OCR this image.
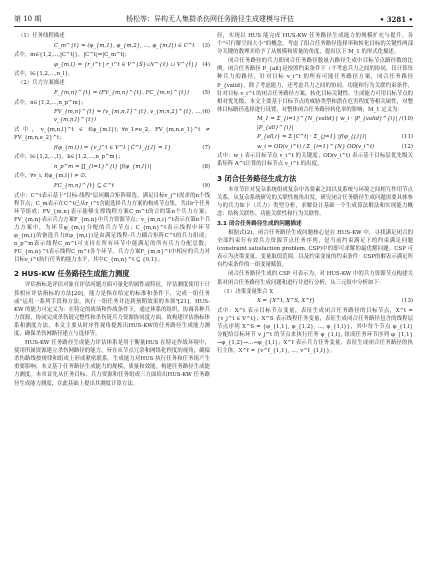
第 10 期	杨松等：异构无人集群杀伤网任务路径生成建模与评估	• 3281 •

（1）任务线程描述

C_m^{t} = (φ_{m,1}, φ_{m,2}, …, φ_{m,l}) ∈ C^t (3)

式中，m∈{1,2,…,|C^t|}，|C^t|=|C_m^t|；

φ_{m,l} = {r_i^t | r_i^t ∈ V^{S̃}∪V^{ε̃} ∪ V^{t̃}} (4)

式中，l∈{1,2,…,n_l}。

（2）兵力方案描述

F_{m,n}^{t} = (FV_{m,n}^{t}, FC_{m,n}^{t}) (5)

式中，n∈{1,2,…,n_p^m}；

FV_{m,n}^{t} = (v_{m,n,1}^{t}, v_{m,n,2}^{t}, …, v_{m,n,l}^{t})
(6)

式中，v_{m,n,l}^t ∈ f(φ_{m,l})；∀e_1≠e_2, FV_{m,n,e_1}^t ≠ FV_{m,n,e_2}^t；

f(φ_{m,l}) = {v_j^t ∈ V^t | Ĉ^t_{j,l} = 1}	(7)

式中，l∈{1,2,…,l}，k∈{1,2,…,n_p^m}；

n_p^m = ∏_{l=1}^{l} |f(φ_{m,l})|	(8)

式中，∀v_i, f(φ_{m,l}) ≠ ∅，

FC_{m,n}^{t} ⊆ C^t	(9)

式中：C^t表示基于"目标-线程"层问耦合矩阵筛选，满足目标v_j^t需求的n个线程节点；C_m表示在C^t已从r_i^t含能选择兵力方案的构成节点集，共由r个任务环节组成；FV_{m,n}表示能够支撑线程方案C_m^t的合的第n个兵力方案；FV_{m,n}表示兵力方案F_{m,n}中兵力资源节点；v_{m,n,i}^t表示在第n个兵力方案中，为环节φ_{m,i}分配的兵力节点；C_{m,n}^t表示线程中环节φ_{m,i}的备选兵力f(φ_{m,i})是由满足线程-兵力耦合矩阵C^t的兵力组成；n_p^m表示线程C_m^t可支持在所有环节中能满足的所有兵力分配总数；FC_{m,n}^t表示线程C_m^t各个环节，兵力方案F_{m,n}^t中相应的兵力对目标v_i^t执行任务的能力水平，其中C_{m,n}^t ⊆ {0,1}。

2 HUS-KW 任务路径生成能力测度

评估指标是评估对象在评估问题方面可量化的属性或特征，评估测度使用于计算相应评估指标的方法[20]。能力是指在给定的标准和条件下，完成一组任务或"运用一系列手段和方法，执行一组任务并达到预期效果的本领"[21]。HUS-KW 的能力可定义为：在特定的战场和作战条件下，通过体系的组织、协调各种兵力资源，协同完成杀伤链完整性和杀伤链兵力资源协同度方面，故构建评估指标体系和测度方法，本文主要从时序性视角提炼出HUS-KW的任务路径生成能力测度，确保杀伤网路径建立与选择等。

HUS-KW 任务路径生成能力评估体系是用于衡量HUS 在特定作战环境中，使用所属资源建立杀伤网路径的能力，旨在从节点冗余和网络化程度的视角，确保杀伤路线按规律和组成上形成紧密联系。生成能力对HUS 执行任务和任务组产生重要影响。本文基于任务路径生成能力的规模、质量和效能，构建任务路径生成能力测度。本章首先从任务目标、兵力资源和任务组成三方面给出HUS-KW 任务路径生成能力测度，在此基础上提出其测度计算方法。

径，实现以 HUS 能完成 HUS-KW 任务路径生成能力的规模扩充与提升。各个"可行解空间大小"的概念，考虑了组合任务路径选择率和转化目标的关键性两部分关键的数理并给予了从规模和质量的角度，提出以下 M_1 的形式化描述。

闭合任务路径的兵力即闭合任务路径数量占路径生成中目标节点路径数的比例。闭合任务路径 P_{all}是按照约束条件下（不考虑兵力之间的协同，仅计算每种兵力的路径，针对目标 v_i^t 的所有可能任务路径方案，闭合任务路径 P_{valid}，除了考虑能力，还考虑兵力之间的协同、功能和行为关联约束条件，针对目标 v_i^t 的闭合任务路径方案，转化目标关键性。生成能力可用目标节点的相对优先级、本文主要基于目标节点的威胁类型和潜在危害程度等相关属性，对整体目标路径选择进行设置，对整体闭合任务路径转化率的影响，M_1 定义为：

M_1 = Σ_{i=1}^{N_{valid}} w_i · |P_{valid}^{i}| / |P_{all}^{i}|
(10)
P_{all,i} = Σ |C^t| · Σ_{j=1} |f(φ_{j,l})|	(11)
w_i = OD(v_i^t) / Σ_{i=1}^{N} OD(v_i^t)	(12)

式中：w_i 表示目标节点 v_i^t 的关键度；OD(v_i^t) 表示基于目标层优先级关系矩阵 A^t计算的目标节点 v_i^t 的出度。

3 闭合任务路径生成方法

本章节针对复杂系统组成复杂中各要素之间以及系统与环境之间相互作用节点关系，从复杂系统研究的关联性视角出发，研究闭合任务路径生成问题需要具体参与的兵力如下（兵力）类型分析，求解设计基础一个生成算法解法和实现能力概念：结构关联性、功能关联性和行为关联性。

3.1 闭合任务路径生成的问题描述

根据式(2)，闭合任务路径生成问题核心是在 HUS-KW 中，寻找满足闭合的全部约束行有效兵力资源节点任务序列，是当前约束满足下的约束满足问题(constraint satisfaction problem, CSP)中的即可求解的最优解问题。CSP 可表示为决策变量、变量取值范围，以及约束变量的约束条件：CSP的解表示满足所有约束条件的一组变量赋值。

闭合任务路径生成的 CSP 可表示为，对 HUS-KW 中的兵力资源节点构建关系对闭合任务路径生成问题和进行并进行分析，从三元组中分析如下：

（1）决策变量集合 X

X = {X^t, X^S, X^f}	(13)

式中：X^t 表示目标节点变量，表征生成闭合任务路径的目标节点，X^t = {v_j^t ∈ V^t}；X^S 表示线程任务变量，表征生成闭合任务路径包含的线程层节点序列 X^S = {φ_{1,1}, φ_{1,2}, …, φ_{1,l}}，其中每个节点 φ_{1,l} 分配给目标环节 v_j^t 的节点来执行任务 φ_{1,l}, 组成任务环节序列 φ_{1,1}→φ_{1,2}→…→φ_{1,l}；X^f 表示兵力任务变量，表征生成闭合任务路径的执行主体，X^f = {v^f_{1,1}, …, v^f_{1,l}}。
